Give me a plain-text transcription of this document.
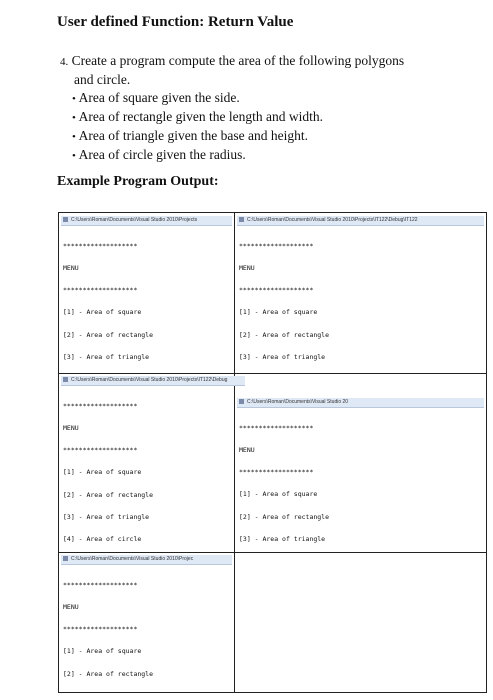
User defined Function: Return Value
4. Create a program compute the area of the following polygons
and circle.
• Area of square given the side.
• Area of rectangle given the length and width.
• Area of triangle given the base and height.
• Area of circle given the radius.
Example Program Output:
C:\Users\Roman\Documents\Visual Studio 2010\Projects

*******************

MENU

*******************

[1] - Area of square

[2] - Area of rectangle

[3] - Area of triangle

C:\Users\Roman\Documents\Visual Studio 2010\Projects\IT122\Debug\IT122

*******************

MENU

*******************

[1] - Area of square

[2] - Area of rectangle

[3] - Area of triangle

C:\Users\Roman\Documents\Visual Studio 2010\Projects\IT122\Debug

*******************

MENU

*******************

[1] - Area of square

[2] - Area of rectangle

[3] - Area of triangle

[4] - Area of circle

C:\Users\Roman\Documents\Visual Studio 20

*******************

MENU

*******************

[1] - Area of square

[2] - Area of rectangle

[3] - Area of triangle

C:\Users\Roman\Documents\Visual Studio 2010\Projec

*******************

MENU

*******************

[1] - Area of square

[2] - Area of rectangle
